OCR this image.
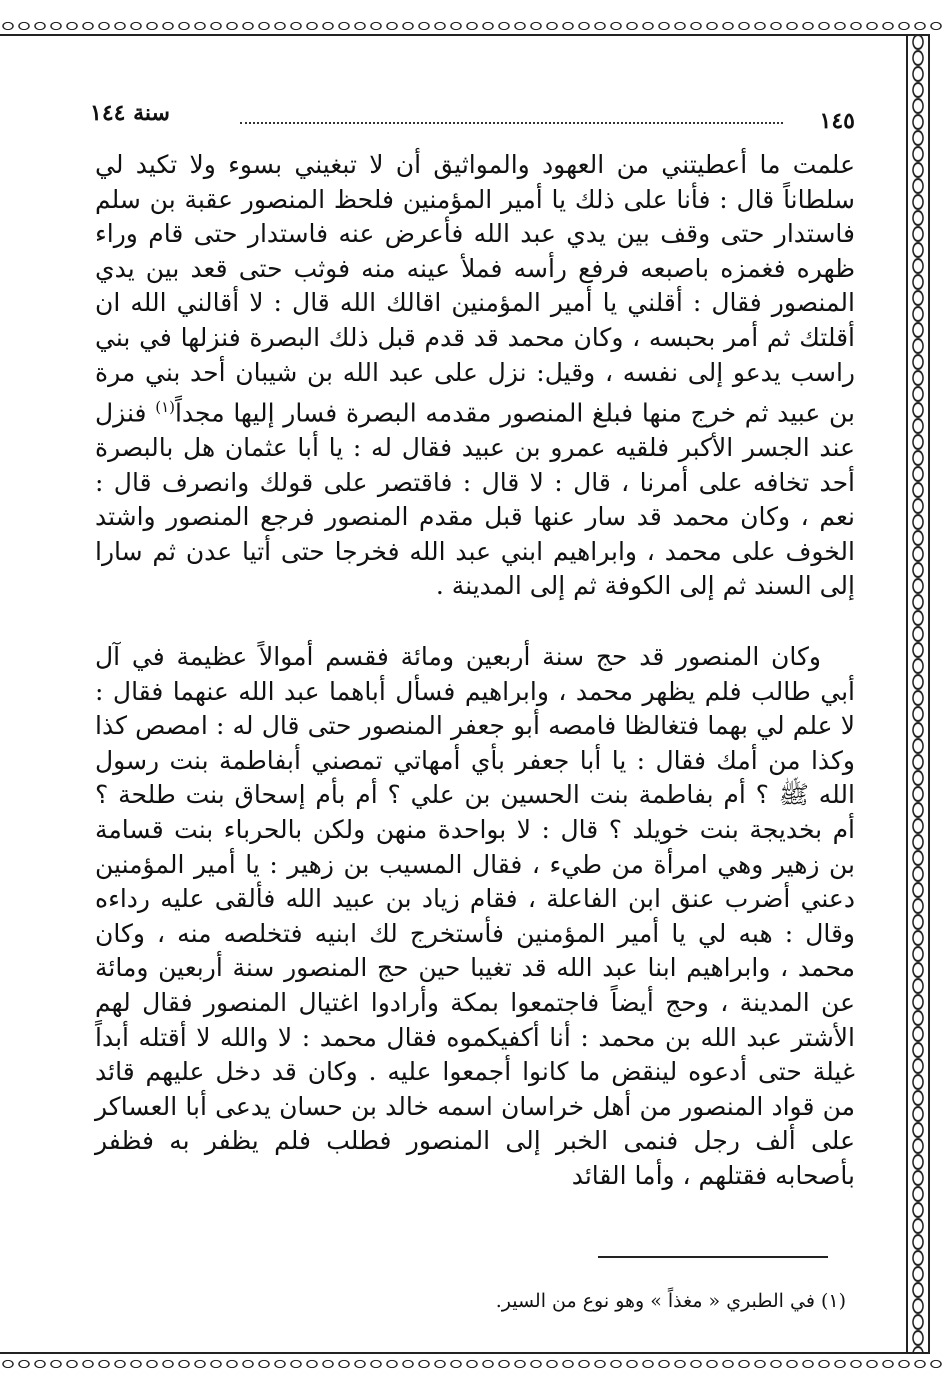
١٤٥
سنة ١٤٤

علمت ما أعطيتني من العهود والمواثيق أن لا تبغيني بسوء ولا تكيد لي سلطاناً قال : فأنا على ذلك يا أمير المؤمنين فلحظ المنصور عقبة بن سلم فاستدار حتى وقف بين يدي عبد الله فأعرض عنه فاستدار حتى قام وراء ظهره فغمزه باصبعه فرفع رأسه فملأ عينه منه فوثب حتى قعد بين يدي المنصور فقال : أقلني يا أمير المؤمنين اقالك الله قال : لا أقالني الله ان أقلتك ثم أمر بحبسه ، وكان محمد قد قدم قبل ذلك البصرة فنزلها في بني راسب يدعو إلى نفسه ، وقيل: نزل على عبد الله بن شيبان أحد بني مرة بن عبيد ثم خرج منها فبلغ المنصور مقدمه البصرة فسار إليها مجداً$^{(١)}$ فنزل عند الجسر الأكبر فلقيه عمرو بن عبيد فقال له : يا أبا عثمان هل بالبصرة أحد تخافه على أمرنا ، قال : لا قال : فاقتصر على قولك وانصرف قال : نعم ، وكان محمد قد سار عنها قبل مقدم المنصور فرجع المنصور واشتد الخوف على محمد ، وابراهيم ابني عبد الله فخرجا حتى أتيا عدن ثم سارا إلى السند ثم إلى الكوفة ثم إلى المدينة .

وكان المنصور قد حج سنة أربعين ومائة فقسم أموالاً عظيمة في آل أبي طالب فلم يظهر محمد ، وابراهيم فسأل أباهما عبد الله عنهما فقال : لا علم لي بهما فتغالظا فامصه أبو جعفر المنصور حتى قال له : امصص كذا وكذا من أمك فقال : يا أبا جعفر بأي أمهاتي تمصني أبفاطمة بنت رسول الله ﷺ ؟ أم بفاطمة بنت الحسين بن علي ؟ أم بأم إسحاق بنت طلحة ؟ أم بخديجة بنت خويلد ؟ قال : لا بواحدة منهن ولكن بالحرباء بنت قسامة بن زهير وهي امرأة من طيء ، فقال المسيب بن زهير : يا أمير المؤمنين دعني أضرب عنق ابن الفاعلة ، فقام زياد بن عبيد الله فألقى عليه رداءه وقال : هبه لي يا أمير المؤمنين فأستخرج لك ابنيه فتخلصه منه ، وكان محمد ، وابراهيم ابنا عبد الله قد تغيبا حين حج المنصور سنة أربعين ومائة عن المدينة ، وحج أيضاً فاجتمعوا بمكة وأرادوا اغتيال المنصور فقال لهم الأشتر عبد الله بن محمد : أنا أكفيكموه فقال محمد : لا والله لا أقتله أبداً غيلة حتى أدعوه لينقض ما كانوا أجمعوا عليه . وكان قد دخل عليهم قائد من قواد المنصور من أهل خراسان اسمه خالد بن حسان يدعى أبا العساكر على ألف رجل فنمى الخبر إلى المنصور فطلب فلم يظفر به فظفر بأصحابه فقتلهم ، وأما القائد

(١) في الطبري « مغذاً » وهو نوع من السير.
